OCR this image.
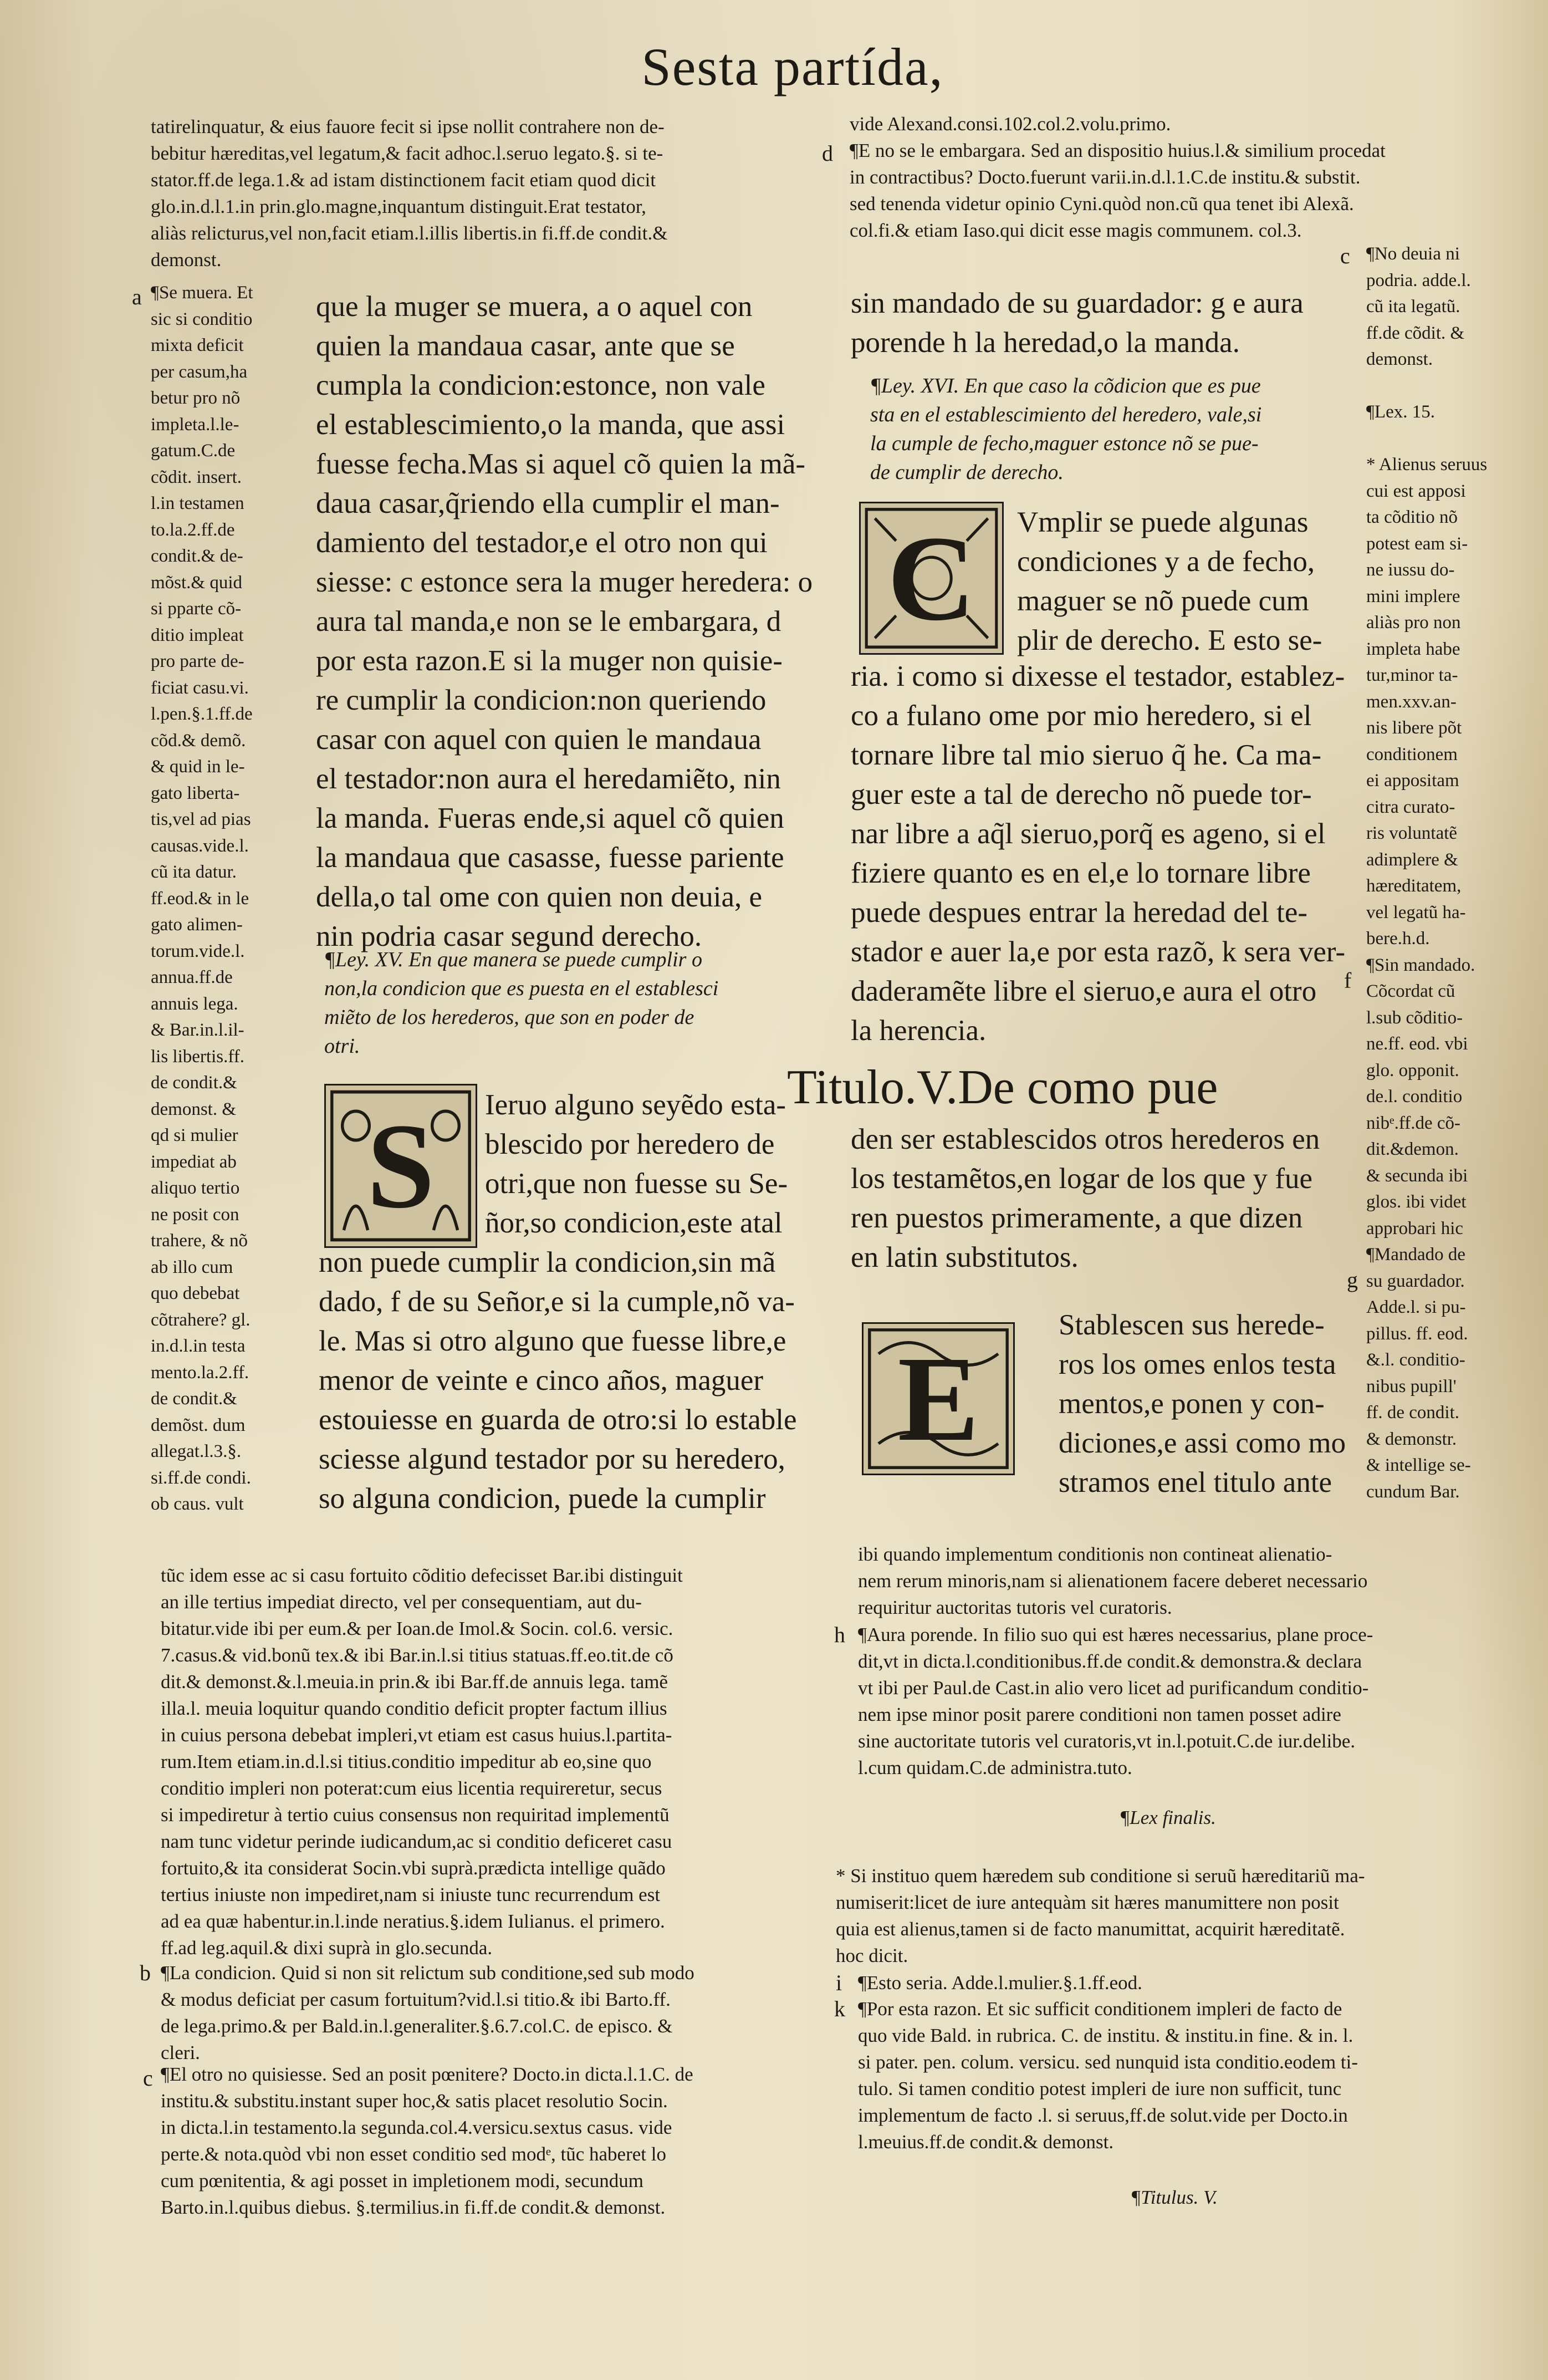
Sesta partída,
tatirelinquatur, & eius fauore fecit si ipse nollit contrahere non de-
bebitur hæreditas,vel legatum,& facit adhoc.l.seruo legato.§. si te-
stator.ff.de lega.1.& ad istam distinctionem facit etiam quod dicit
glo.in.d.l.1.in prin.glo.magne,inquantum distinguit.Erat testator,
aliàs relicturus,vel non,facit etiam.l.illis libertis.in fi.ff.de condit.&
demonst.
a ¶Se muera. Et
sic si conditio
mixta deficit
per casum,ha
betur pro nõ
impleta.l.le-
gatum.C.de
cõdit. insert.
l.in testamen
to.la.2.ff.de
condit.& de-
mõst.& quid
si pparte cõ-
ditio impleat
pro parte de-
ficiat casu.vi.
l.pen.§.1.ff.de
cõd.& demõ.
& quid in le-
gato liberta-
tis,vel ad pias
causas.vide.l.
cũ ita datur.
ff.eod.& in le
gato alimen-
torum.vide.l.
annua.ff.de
annuis lega.
& Bar.in.l.il-
lis libertis.ff.
de condit.&
demonst. &
qd si mulier
impediat ab
aliquo tertio
ne posit con
trahere, & nõ
ab illo cum
quo debebat
cõtrahere? gl.
in.d.l.in testa
mento.la.2.ff.
de condit.&
demõst. dum
allegat.l.3.§.
si.ff.de condi.
ob caus. vult
que la muger se muera, a o aquel con
quien la mandaua casar, ante que se
cumpla la condicion:estonce, non vale
el establescimiento,o la manda, que assi
fuesse fecha.Mas si aquel cõ quien la mã-
daua casar,q̃riendo ella cumplir el man-
damiento del testador,e el otro non qui
siesse: c estonce sera la muger heredera: o
aura tal manda,e non se le embargara, d
por esta razon.E si la muger non quisie-
re cumplir la condicion:non queriendo
casar con aquel con quien le mandaua
el testador:non aura el heredamiẽto, nin
la manda. Fueras ende,si aquel cõ quien
la mandaua que casasse, fuesse pariente
della,o tal ome con quien non deuia, e
nin podria casar segund derecho.
¶Ley. XV. En que manera se puede cumplir o
non,la condicion que es puesta en el establesci
miẽto de los herederos, que son en poder de
otri.
S	Ieruo alguno seyẽdo esta-
blescido por heredero de
otri,que non fuesse su Se-
ñor,so condicion,este atal
non puede cumplir la condicion,sin mã
dado, f de su Señor,e si la cumple,nõ va-
le. Mas si otro alguno que fuesse libre,e
menor de veinte e cinco años, maguer
estouiesse en guarda de otro:si lo estable
sciesse algund testador por su heredero,
so alguna condicion, puede la cumplir
tũc idem esse ac si casu fortuito cõditio defecisset Bar.ibi distinguit
an ille tertius impediat directo, vel per consequentiam, aut du-
bitatur.vide ibi per eum.& per Ioan.de Imol.& Socin. col.6. versic.
7.casus.& vid.bonũ tex.& ibi Bar.in.l.si titius statuas.ff.eo.tit.de cõ
dit.& demonst.&.l.meuia.in prin.& ibi Bar.ff.de annuis lega. tamẽ
illa.l. meuia loquitur quando conditio deficit propter factum illius
in cuius persona debebat impleri,vt etiam est casus huius.l.partita-
rum.Item etiam.in.d.l.si titius.conditio impeditur ab eo,sine quo
conditio impleri non poterat:cum eius licentia requireretur, secus
si impediretur à tertio cuius consensus non requiritad implementũ
nam tunc videtur perinde iudicandum,ac si conditio deficeret casu
fortuito,& ita considerat Socin.vbi suprà.prædicta intellige quãdo
tertius iniuste non impediret,nam si iniuste tunc recurrendum est
ad ea quæ habentur.in.l.inde neratius.§.idem Iulianus. el primero.
ff.ad leg.aquil.& dixi suprà in glo.secunda.
b ¶La condicion. Quid si non sit relictum sub conditione,sed sub modo
& modus deficiat per casum fortuitum?vid.l.si titio.& ibi Barto.ff.
de lega.primo.& per Bald.in.l.generaliter.§.6.7.col.C. de episco. &
cleri.
c ¶El otro no quisiesse. Sed an posit pœnitere? Docto.in dicta.l.1.C. de
institu.& substitu.instant super hoc,& satis placet resolutio Socin.
in dicta.l.in testamento.la segunda.col.4.versicu.sextus casus. vide
perte.& nota.quòd vbi non esset conditio sed modᵉ, tũc haberet lo
cum pœnitentia, & agi posset in impletionem modi, secundum
Barto.in.l.quibus diebus. §.termilius.in fi.ff.de condit.& demonst.
d
vide Alexand.consi.102.col.2.volu.primo.
¶E no se le embargara. Sed an dispositio huius.l.& similium procedat
in contractibus? Docto.fuerunt varii.in.d.l.1.C.de institu.& substit.
sed tenenda videtur opinio Cyni.quòd non.cũ qua tenet ibi Alexã.
col.fi.& etiam Iaso.qui dicit esse magis communem. col.3.
c
sin mandado de su guardador: g e aura
porende h la heredad,o la manda.
¶Ley. XVI. En que caso la cõdicion que es pue
sta en el establescimiento del heredero, vale,si
la cumple de fecho,maguer estonce nõ se pue-
de cumplir de derecho.
C	Vmplir se puede algunas
condiciones y a de fecho,
maguer se nõ puede cum
plir de derecho. E esto se-
ria. i como si dixesse el testador, establez-
co a fulano ome por mio heredero, si el
tornare libre tal mio sieruo q̃ he. Ca ma-
guer este a tal de derecho nõ puede tor-
nar libre a aq̃l sieruo,porq̃ es ageno, si el
fiziere quanto es en el,e lo tornare libre
puede despues entrar la heredad del te-
stador e auer la,e por esta razõ, k sera ver-
daderamẽte libre el sieruo,e aura el otro
la herencia.
f
Titulo.V.De como pue
den ser establescidos otros herederos en
los testamẽtos,en logar de los que y fue
ren puestos primeramente, a que dizen
en latin substitutos.
g
E
Stablescen sus herede-
ros los omes enlos testa
mentos,e ponen y con-
diciones,e assi como mo
stramos enel titulo ante
¶No deuia ni
podria. adde.l.
cũ ita legatũ.
ff.de cõdit. &
demonst.

¶Lex. 15.

* Alienus seruus
cui est apposi
ta cõditio nõ
potest eam si-
ne iussu do-
mini implere
aliàs pro non
impleta habe
tur,minor ta-
men.xxv.an-
nis libere põt
conditionem
ei appositam
citra curato-
ris voluntatẽ
adimplere &
hæreditatem,
vel legatũ ha-
bere.h.d.
¶Sin mandado.
Cõcordat cũ
l.sub cõditio-
ne.ff. eod. vbi
glo. opponit.
de.l. conditio
nibᵉ.ff.de cõ-
dit.&demon.
& secunda ibi
glos. ibi videt
approbari hic
¶Mandado de
su guardador.
Adde.l. si pu-
pillus. ff. eod.
&.l. conditio-
nibus pupill'
ff. de condit.
& demonstr.
& intellige se-
cundum Bar.
ibi quando implementum conditionis non contineat alienatio-
nem rerum minoris,nam si alienationem facere deberet necessario
requiritur auctoritas tutoris vel curatoris.
h ¶Aura porende. In filio suo qui est hæres necessarius, plane proce-
dit,vt in dicta.l.conditionibus.ff.de condit.& demonstra.& declara
vt ibi per Paul.de Cast.in alio vero licet ad purificandum conditio-
nem ipse minor posit parere conditioni non tamen posset adire
sine auctoritate tutoris vel curatoris,vt in.l.potuit.C.de iur.delibe.
l.cum quidam.C.de administra.tuto.
¶Lex finalis.
* Si instituo quem hæredem sub conditione si seruũ hæreditariũ ma-
numiserit:licet de iure antequàm sit hæres manumittere non posit
quia est alienus,tamen si de facto manumittat, acquirit hæreditatẽ.
hoc dicit.
i ¶Esto seria. Adde.l.mulier.§.1.ff.eod.
k ¶Por esta razon. Et sic sufficit conditionem impleri de facto de
quo vide Bald. in rubrica. C. de institu. & institu.in fine. & in. l.
si pater. pen. colum. versicu. sed nunquid ista conditio.eodem ti-
tulo. Si tamen conditio potest impleri de iure non sufficit, tunc
implementum de facto .l. si seruus,ff.de solut.vide per Docto.in
l.meuius.ff.de condit.& demonst.
¶Titulus. V.
